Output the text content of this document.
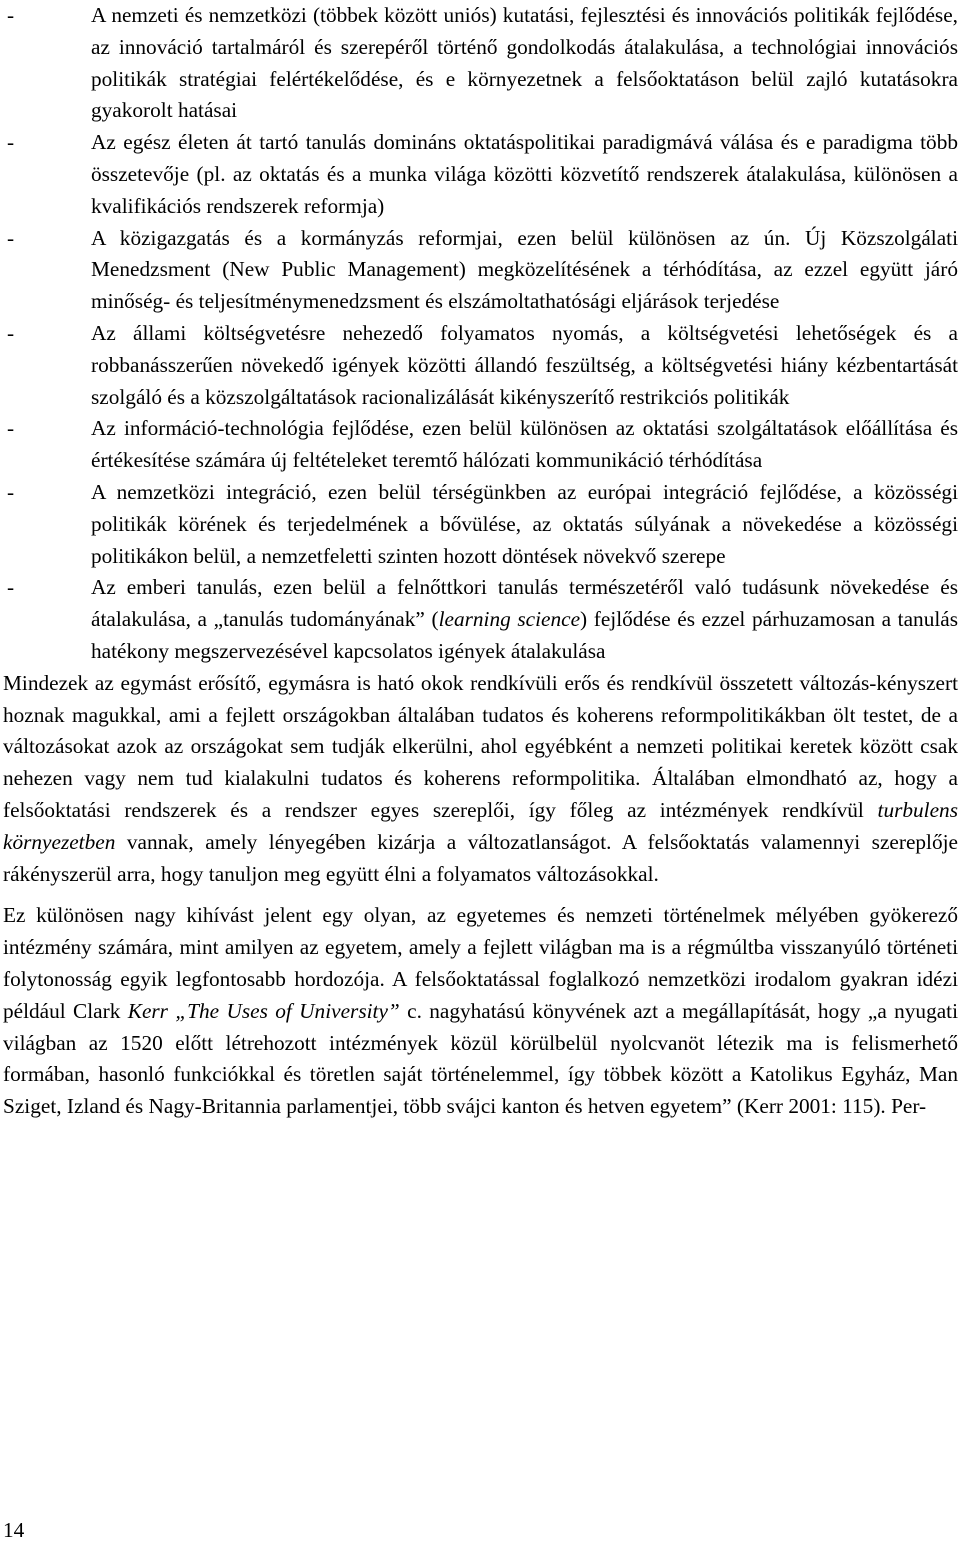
-	A nemzeti és nemzetközi (többek között uniós) kutatási, fejlesztési és innovációs politikák fejlődése, az innováció tartalmáról és szerepéről történő gondolkodás átalakulása, a technológiai innovációs politikák stratégiai felértékelődése, és e környezetnek a felsőoktatáson belül zajló kutatásokra gyakorolt hatásai
-	Az egész életen át tartó tanulás domináns oktatáspolitikai paradigmává válása és e paradigma több összetevője (pl. az oktatás és a munka világa közötti közvetítő rendszerek átalakulása, különösen a kvalifikációs rendszerek reformja)
-	A közigazgatás és a kormányzás reformjai, ezen belül különösen az ún. Új Közszolgálati Menedzsment (New Public Management) megközelítésének a térhódítása, az ezzel együtt járó minőség- és teljesítménymenedzsment és elszámoltathatósági eljárások terjedése
-	Az állami költségvetésre nehezedő folyamatos nyomás, a költségvetési lehetőségek és a robbanásszerűen növekedő igények közötti állandó feszültség, a költségvetési hiány kézbentartását szolgáló és a közszolgáltatások racionalizálását kikényszerítő restrikciós politikák
-	Az információ-technológia fejlődése, ezen belül különösen az oktatási szolgáltatások előállítása és értékesítése számára új feltételeket teremtő hálózati kommunikáció térhódítása
-	A nemzetközi integráció, ezen belül térségünkben az európai integráció fejlődése, a közösségi politikák körének és terjedelmének a bővülése, az oktatás súlyának a növekedése a közösségi politikákon belül, a nemzetfeletti szinten hozott döntések növekvő szerepe
-	Az emberi tanulás, ezen belül a felnőttkori tanulás természetéről való tudásunk növekedése és átalakulása, a „tanulás tudományának” (learning science) fejlődése és ezzel párhuzamosan a tanulás hatékony megszervezésével kapcsolatos igények átalakulása

Mindezek az egymást erősítő, egymásra is ható okok rendkívüli erős és rendkívül összetett változás-kényszert hoznak magukkal, ami a fejlett országokban általában tudatos és koherens reformpolitikákban ölt testet, de a változásokat azok az országokat sem tudják elkerülni, ahol egyébként a nemzeti politikai keretek között csak nehezen vagy nem tud kialakulni tudatos és koherens reformpolitika. Általában elmondható az, hogy a felsőoktatási rendszerek és a rendszer egyes szereplői, így főleg az intézmények rendkívül turbulens környezetben vannak, amely lényegében kizárja a változatlanságot. A felsőoktatás valamennyi szereplője rákényszerül arra, hogy tanuljon meg együtt élni a folyamatos változásokkal.

Ez különösen nagy kihívást jelent egy olyan, az egyetemes és nemzeti történelmek mélyében gyökerező intézmény számára, mint amilyen az egyetem, amely a fejlett világban ma is a régmúltba visszanyúló történeti folytonosság egyik legfontosabb hordozója. A felsőoktatással foglalkozó nemzetközi irodalom gyakran idézi például Clark Kerr „The Uses of University” c. nagyhatású könyvének azt a megállapítását, hogy „a nyugati világban az 1520 előtt létrehozott intézmények közül körülbelül nyolcvanöt létezik ma is felismerhető formában, hasonló funkciókkal és töretlen saját történelemmel, így többek között a Katolikus Egyház, Man Sziget, Izland és Nagy-Britannia parlamentjei, több svájci kanton és hetven egyetem” (Kerr 2001: 115). Per-

14
